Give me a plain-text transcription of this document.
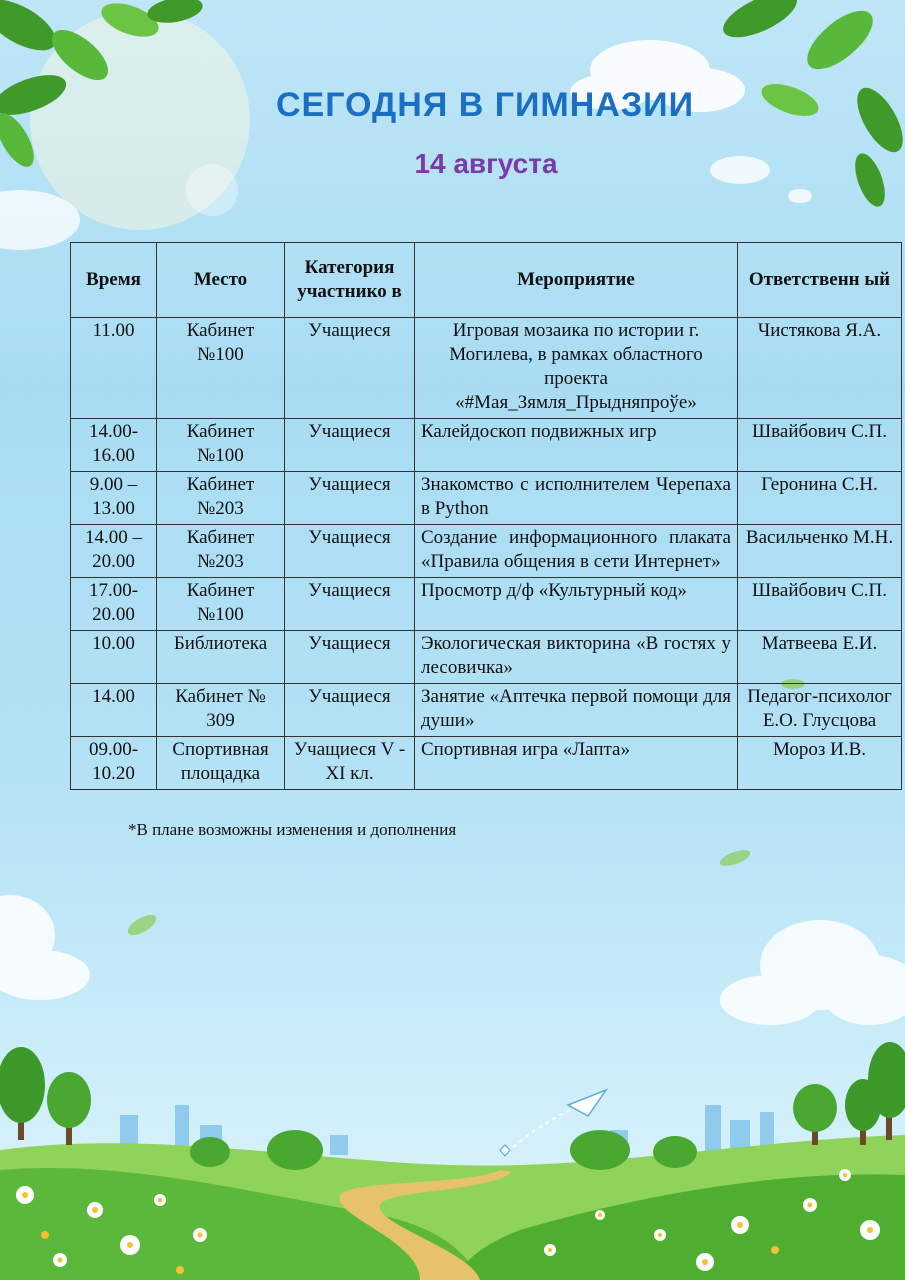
СЕГОДНЯ В ГИМНАЗИИ
14 августа
Время	Место	Категория участнико в	Мероприятие	Ответственн ый
11.00	Кабинет №100	Учащиеся	Игровая мозаика по истории г. Могилева, в рамках областного проекта «#Мая_Зямля_Прыдняпроўе»	Чистякова Я.А.
14.00-16.00	Кабинет №100	Учащиеся	Калейдоскоп подвижных игр	Швайбович С.П.
9.00 – 13.00	Кабинет №203	Учащиеся	Знакомство с исполнителем Черепаха в Python	Геронина С.Н.
14.00 – 20.00	Кабинет №203	Учащиеся	Создание информационного плаката «Правила общения в сети Интернет»	Васильченко М.Н.
17.00-20.00	Кабинет №100	Учащиеся	Просмотр д/ф «Культурный код»	Швайбович С.П.
10.00	Библиотека	Учащиеся	Экологическая викторина «В гостях у лесовичка»	Матвеева Е.И.
14.00	Кабинет № 309	Учащиеся	Занятие «Аптечка первой помощи для души»	Педагог-психолог Е.О. Глусцова
09.00-10.20	Спортивная площадка	Учащиеся V -XI кл.	Спортивная игра «Лапта»	Мороз И.В.
*В плане возможны изменения и дополнения
